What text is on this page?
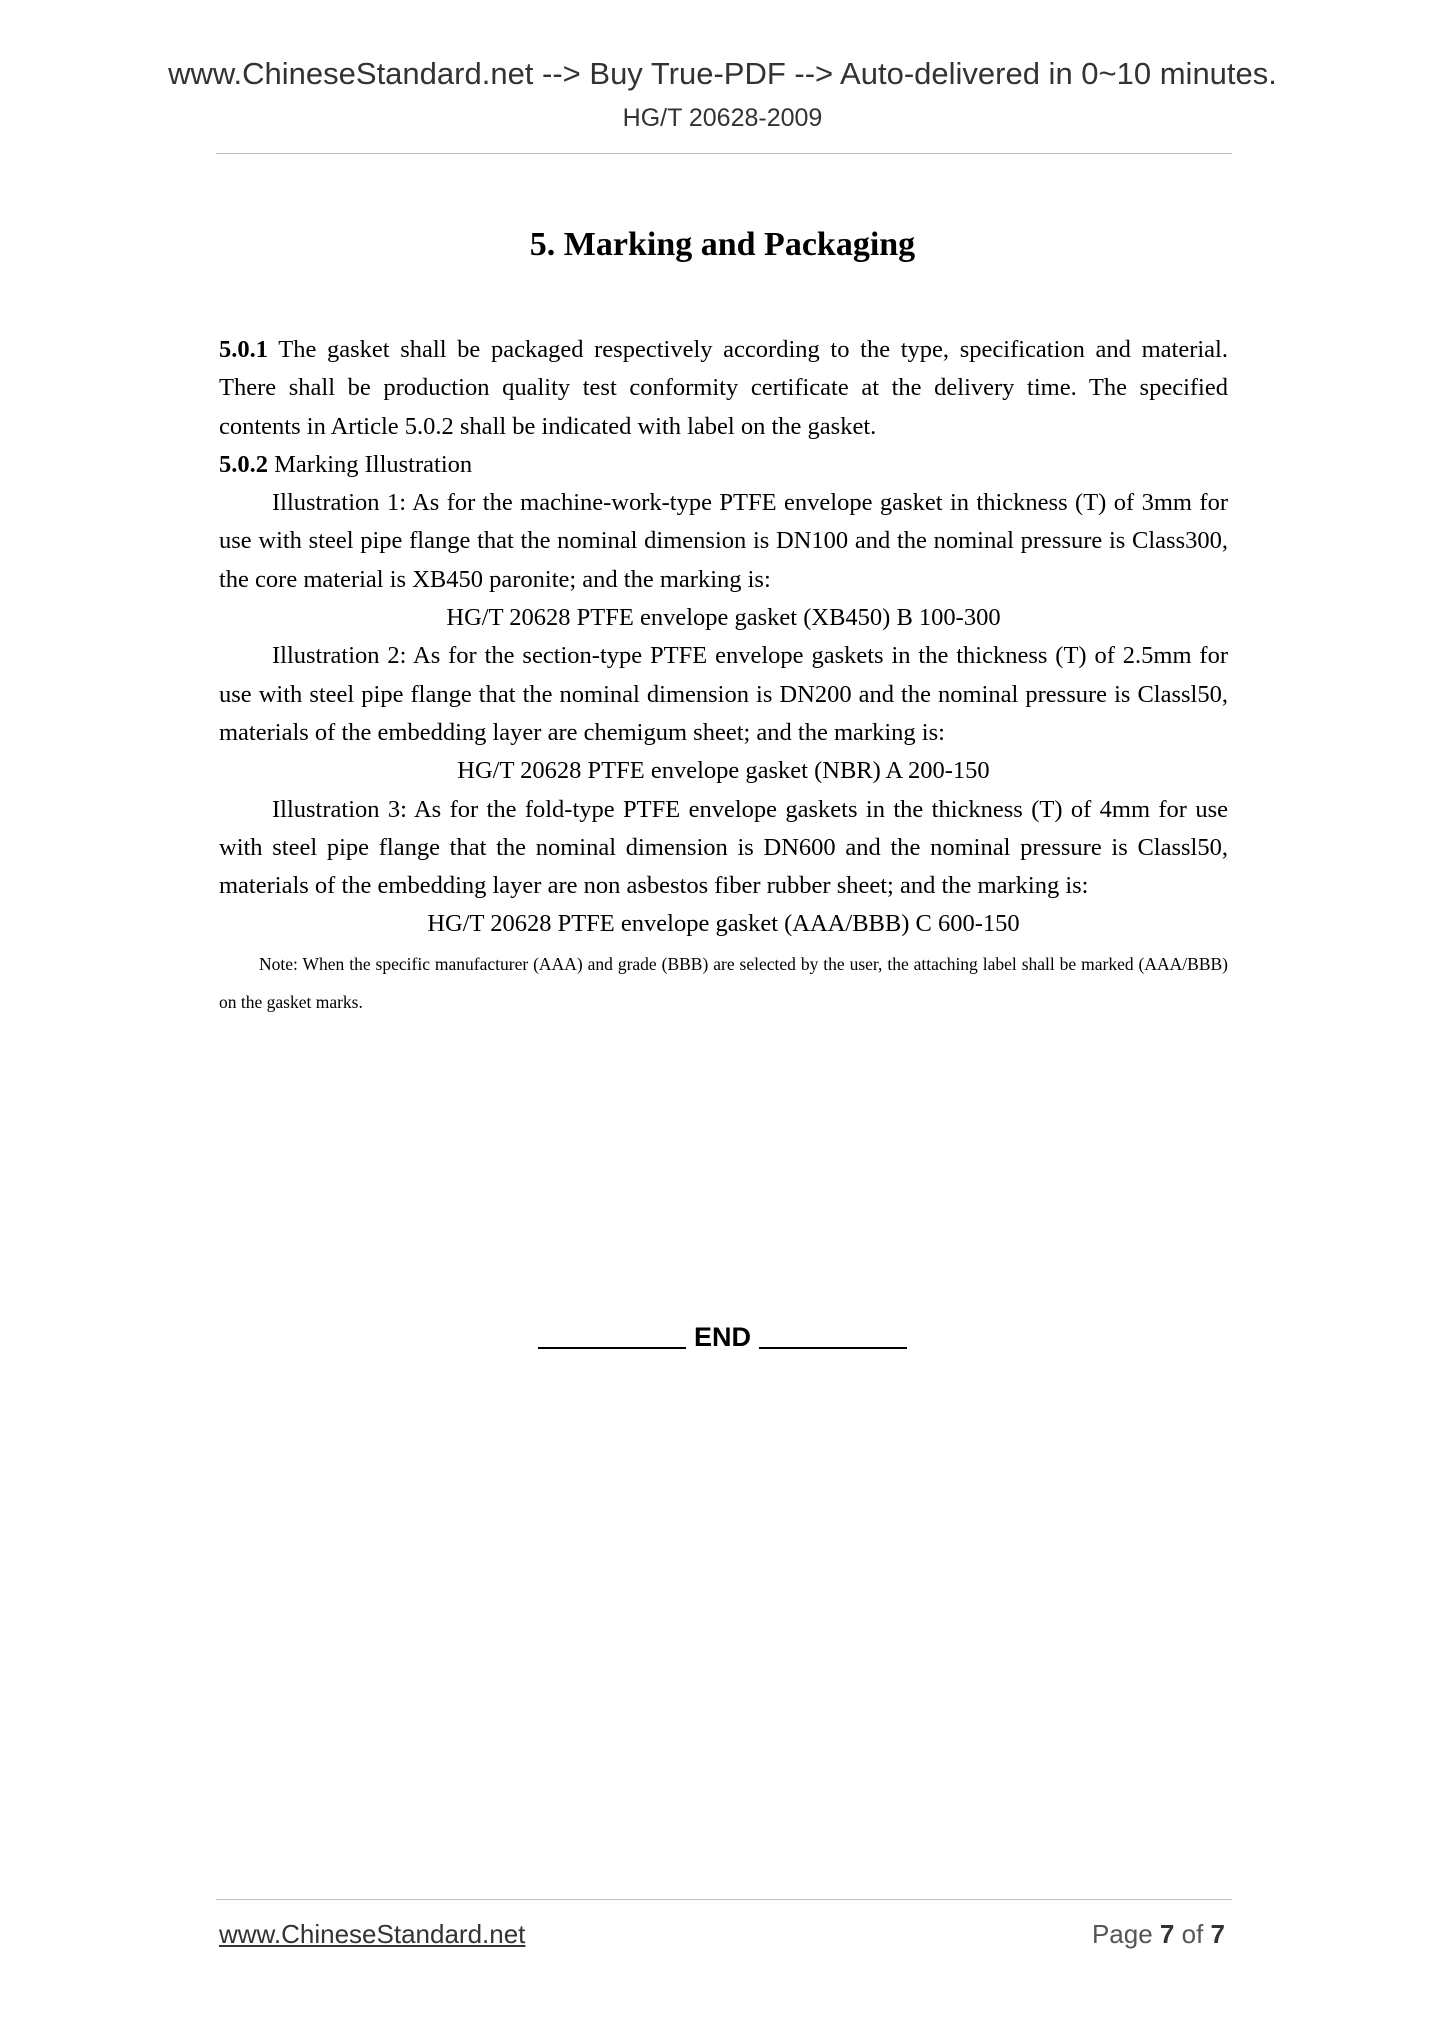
www.ChineseStandard.net --> Buy True-PDF --> Auto-delivered in 0~10 minutes.
HG/T 20628-2009
5. Marking and Packaging

5.0.1 The gasket shall be packaged respectively according to the type, specification and material. There shall be production quality test conformity certificate at the delivery time. The specified contents in Article 5.0.2 shall be indicated with label on the gasket.

5.0.2 Marking Illustration

Illustration 1: As for the machine-work-type PTFE envelope gasket in thickness (T) of 3mm for use with steel pipe flange that the nominal dimension is DN100 and the nominal pressure is Class300, the core material is XB450 paronite; and the marking is:

HG/T 20628 PTFE envelope gasket (XB450) B 100-300

Illustration 2: As for the section-type PTFE envelope gaskets in the thickness (T) of 2.5mm for use with steel pipe flange that the nominal dimension is DN200 and the nominal pressure is Classl50, materials of the embedding layer are chemigum sheet; and the marking is:

HG/T 20628 PTFE envelope gasket (NBR) A 200-150

Illustration 3: As for the fold-type PTFE envelope gaskets in the thickness (T) of 4mm for use with steel pipe flange that the nominal dimension is DN600 and the nominal pressure is Classl50, materials of the embedding layer are non asbestos fiber rubber sheet; and the marking is:

HG/T 20628 PTFE envelope gasket (AAA/BBB) C 600-150

Note: When the specific manufacturer (AAA) and grade (BBB) are selected by the user, the attaching label shall be marked (AAA/BBB) on the gasket marks.

END
www.ChineseStandard.net	Page 7 of 7
